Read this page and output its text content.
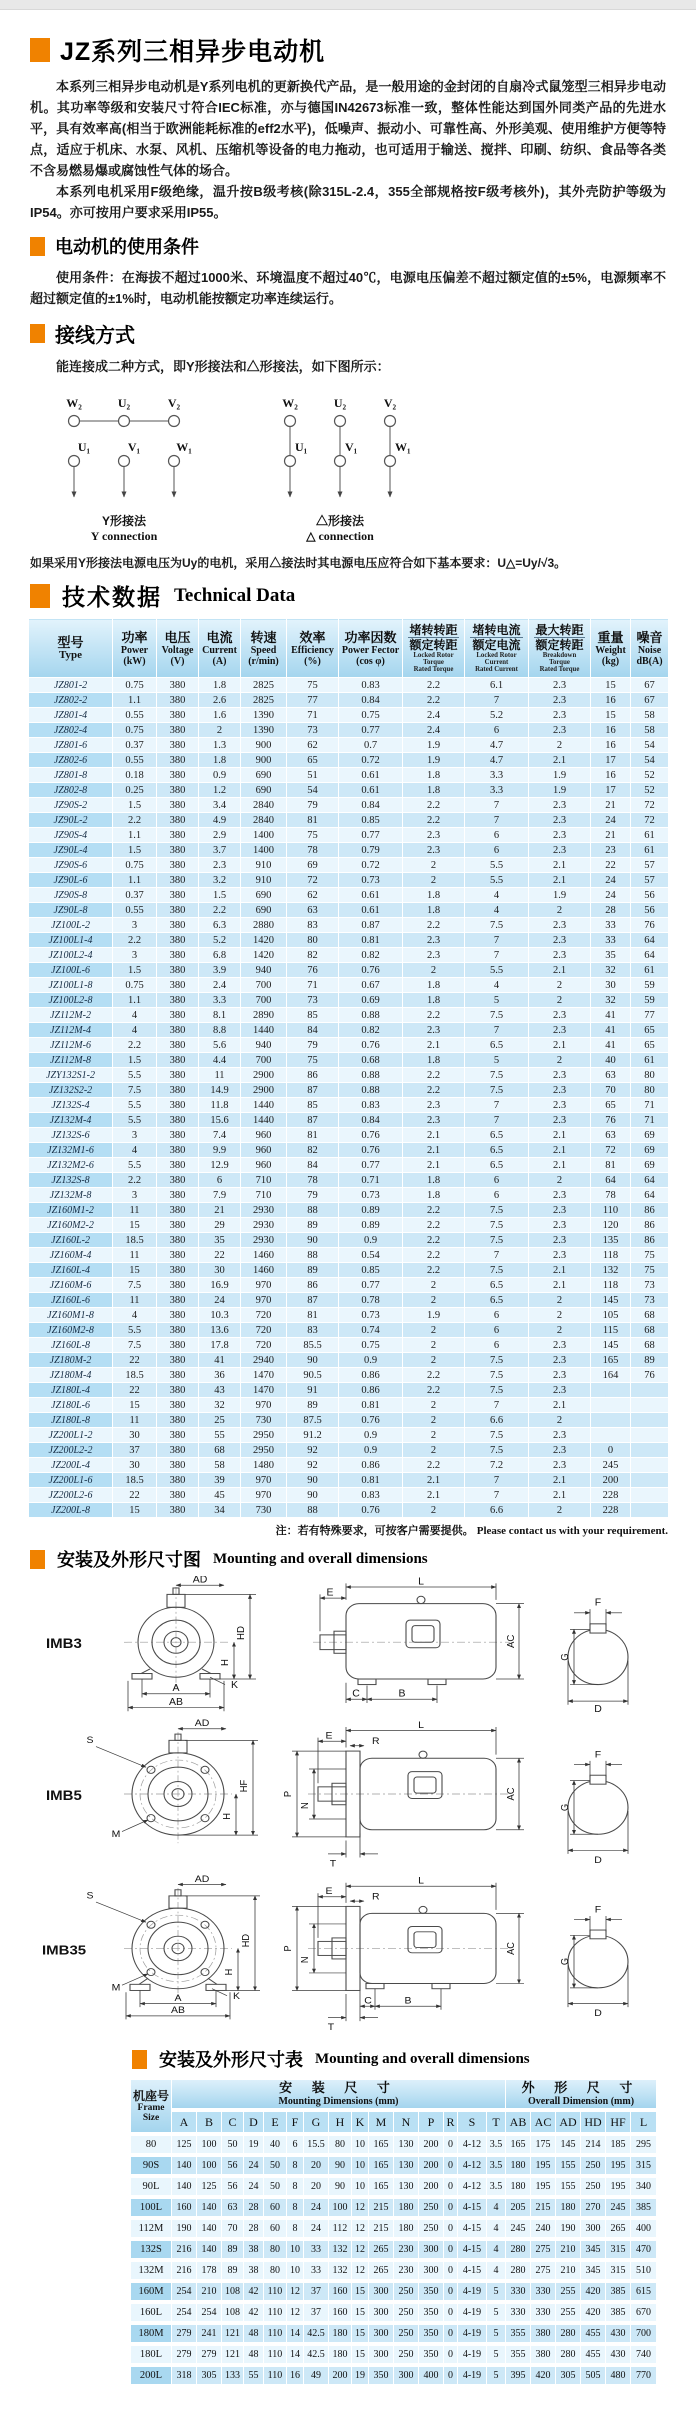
JZ系列三相异步电动机

本系列三相异步电动机是Y系列电机的更新换代产品，是一般用途的金封闭的自扇冷式鼠笼型三相异步电动机。其功率等级和安装尺寸符合IEC标准，亦与德国IN42673标准一致，整体性能达到国外同类产品的先进水平，具有效率高(相当于欧洲能耗标准的eff2水平)，低噪声、振动小、可靠性高、外形美观、使用维护方便等特点，适应于机床、水泵、风机、压缩机等设备的电力拖动，也可适用于输送、搅拌、印刷、纺织、食品等各类不含易燃易爆或腐蚀性气体的场合。

本系列电机采用F级绝缘，温升按B级考核(除315L-2.4，355全部规格按F级考核外)，其外壳防护等级为IP54。亦可按用户要求采用IP55。

电动机的使用条件

使用条件：在海拔不超过1000米、环境温度不超过40℃，电源电压偏差不超过额定值的±5%，电源频率不超过额定值的±1%时，电动机能按额定功率连续运行。

接线方式

能连接成二种方式，即Y形接法和△形接法，如下图所示：

W₂	U₂	V₂
U₁	V₁	W₁
Y形接法
Y connection
W₂	U₂	V₂
U₁	V₁	W₁
△形接法
△ connection

如果采用Y形接法电源电压为Uy的电机，采用△接法时其电源电压应符合如下基本要求：U△=Uy/√3。

技术数据 Technical Data
型号
Type

功率
Power
(kW)

电压
Voltage
(V)

电流
Current
(A)

转速
Speed
(r/min)

效率
Efficiency
(%)

功率因数
Power Fector
(cos φ)

堵转转距
额定转距
Locked Rotor
Torque
Rated Torque

堵转电流
额定电流
Locked Rotor
Current
Rated Current

最大转距
额定转距
Breakdown
Torque
Rated Torque

重量
Weight
(kg)

噪音
Noise
dB(A)

JZ801-2	0.75	380	1.8	2825	75	0.83	2.2	6.1	2.3	15	67
JZ802-2	1.1	380	2.6	2825	77	0.84	2.2	7	2.3	16	67
JZ801-4	0.55	380	1.6	1390	71	0.75	2.4	5.2	2.3	15	58
JZ802-4	0.75	380	2	1390	73	0.77	2.4	6	2.3	16	58
JZ801-6	0.37	380	1.3	900	62	0.7	1.9	4.7	2	16	54
JZ802-6	0.55	380	1.8	900	65	0.72	1.9	4.7	2.1	17	54
JZ801-8	0.18	380	0.9	690	51	0.61	1.8	3.3	1.9	16	52
JZ802-8	0.25	380	1.2	690	54	0.61	1.8	3.3	1.9	17	52
JZ90S-2	1.5	380	3.4	2840	79	0.84	2.2	7	2.3	21	72
JZ90L-2	2.2	380	4.9	2840	81	0.85	2.2	7	2.3	24	72
JZ90S-4	1.1	380	2.9	1400	75	0.77	2.3	6	2.3	21	61
JZ90L-4	1.5	380	3.7	1400	78	0.79	2.3	6	2.3	23	61
JZ90S-6	0.75	380	2.3	910	69	0.72	2	5.5	2.1	22	57
JZ90L-6	1.1	380	3.2	910	72	0.73	2	5.5	2.1	24	57
JZ90S-8	0.37	380	1.5	690	62	0.61	1.8	4	1.9	24	56
JZ90L-8	0.55	380	2.2	690	63	0.61	1.8	4	2	28	56
JZ100L-2	3	380	6.3	2880	83	0.87	2.2	7.5	2.3	33	76
JZ100L1-4	2.2	380	5.2	1420	80	0.81	2.3	7	2.3	33	64
JZ100L2-4	3	380	6.8	1420	82	0.82	2.3	7	2.3	35	64
JZ100L-6	1.5	380	3.9	940	76	0.76	2	5.5	2.1	32	61
JZ100L1-8	0.75	380	2.4	700	71	0.67	1.8	4	2	30	59
JZ100L2-8	1.1	380	3.3	700	73	0.69	1.8	5	2	32	59
JZ112M-2	4	380	8.1	2890	85	0.88	2.2	7.5	2.3	41	77
JZ112M-4	4	380	8.8	1440	84	0.82	2.3	7	2.3	41	65
JZ112M-6	2.2	380	5.6	940	79	0.76	2.1	6.5	2.1	41	65
JZ112M-8	1.5	380	4.4	700	75	0.68	1.8	5	2	40	61
JZY132S1-2	5.5	380	11	2900	86	0.88	2.2	7.5	2.3	63	80
JZ132S2-2	7.5	380	14.9	2900	87	0.88	2.2	7.5	2.3	70	80
JZ132S-4	5.5	380	11.8	1440	85	0.83	2.3	7	2.3	65	71
JZ132M-4	5.5	380	15.6	1440	87	0.84	2.3	7	2.3	76	71
JZ132S-6	3	380	7.4	960	81	0.76	2.1	6.5	2.1	63	69
JZ132M1-6	4	380	9.9	960	82	0.76	2.1	6.5	2.1	72	69
JZ132M2-6	5.5	380	12.9	960	84	0.77	2.1	6.5	2.1	81	69
JZ132S-8	2.2	380	6	710	78	0.71	1.8	6	2	64	64
JZ132M-8	3	380	7.9	710	79	0.73	1.8	6	2.3	78	64
JZ160M1-2	11	380	21	2930	88	0.89	2.2	7.5	2.3	110	86
JZ160M2-2	15	380	29	2930	89	0.89	2.2	7.5	2.3	120	86
JZ160L-2	18.5	380	35	2930	90	0.9	2.2	7.5	2.3	135	86
JZ160M-4	11	380	22	1460	88	0.54	2.2	7	2.3	118	75
JZ160L-4	15	380	30	1460	89	0.85	2.2	7.5	2.1	132	75
JZ160M-6	7.5	380	16.9	970	86	0.77	2	6.5	2.1	118	73
JZ160L-6	11	380	24	970	87	0.78	2	6.5	2	145	73
JZ160M1-8	4	380	10.3	720	81	0.73	1.9	6	2	105	68
JZ160M2-8	5.5	380	13.6	720	83	0.74	2	6	2	115	68
JZ160L-8	7.5	380	17.8	720	85.5	0.75	2	6	2.3	145	68
JZ180M-2	22	380	41	2940	90	0.9	2	7.5	2.3	165	89
JZ180M-4	18.5	380	36	1470	90.5	0.86	2.2	7.5	2.3	164	76
JZ180L-4	22	380	43	1470	91	0.86	2.2	7.5	2.3		
JZ180L-6	15	380	32	970	89	0.81	2	7	2.1		
JZ180L-8	11	380	25	730	87.5	0.76	2	6.6	2		
JZ200L1-2	30	380	55	2950	91.2	0.9	2	7.5	2.3		
JZ200L2-2	37	380	68	2950	92	0.9	2	7.5	2.3	0	
JZ200L-4	30	380	58	1480	92	0.86	2.2	7.2	2.3	245	
JZ200L1-6	18.5	380	39	970	90	0.81	2.1	7	2.1	200	
JZ200L2-6	22	380	45	970	90	0.83	2.1	7	2.1	228	
JZ200L-8	15	380	34	730	88	0.76	2	6.6	2	228	
注：若有特殊要求，可按客户需要提供。 Please contact us with your requirement.
安装及外形尺寸图 Mounting and overall dimensions
IMB3
AD
HD
H
K
A
AB
L
E
AC
C	B
F
G
D
IMB5
AD
S
M
HF
H
L
E
R
P
N
AC
T
F
G
D
IMB35
AD
S
M
HD
H
K
A
AB
L
E
R
P
N
AC
C	B
T
F
G
D
安装及外形尺寸表 Mounting and overall dimensions
机座号
Frame
Size

安 装 尺 寸
Mounting Dimensions (mm)

外 形 尺 寸
Overall Dimension (mm)

	A	B	C	D	E	F	G	H	K	M	N	P	R	S	T	AB	AC	AD	HD	HF	L
80	125	100	50	19	40	6	15.5	80	10	165	130	200	0	4-12	3.5	165	175	145	214	185	295
90S	140	100	56	24	50	8	20	90	10	165	130	200	0	4-12	3.5	180	195	155	250	195	315
90L	140	125	56	24	50	8	20	90	10	165	130	200	0	4-12	3.5	180	195	155	250	195	340
100L	160	140	63	28	60	8	24	100	12	215	180	250	0	4-15	4	205	215	180	270	245	385
112M	190	140	70	28	60	8	24	112	12	215	180	250	0	4-15	4	245	240	190	300	265	400
132S	216	140	89	38	80	10	33	132	12	265	230	300	0	4-15	4	280	275	210	345	315	470
132M	216	178	89	38	80	10	33	132	12	265	230	300	0	4-15	4	280	275	210	345	315	510
160M	254	210	108	42	110	12	37	160	15	300	250	350	0	4-19	5	330	330	255	420	385	615
160L	254	254	108	42	110	12	37	160	15	300	250	350	0	4-19	5	330	330	255	420	385	670
180M	279	241	121	48	110	14	42.5	180	15	300	250	350	0	4-19	5	355	380	280	455	430	700
180L	279	279	121	48	110	14	42.5	180	15	300	250	350	0	4-19	5	355	380	280	455	430	740
200L	318	305	133	55	110	16	49	200	19	350	300	400	0	4-19	5	395	420	305	505	480	770
